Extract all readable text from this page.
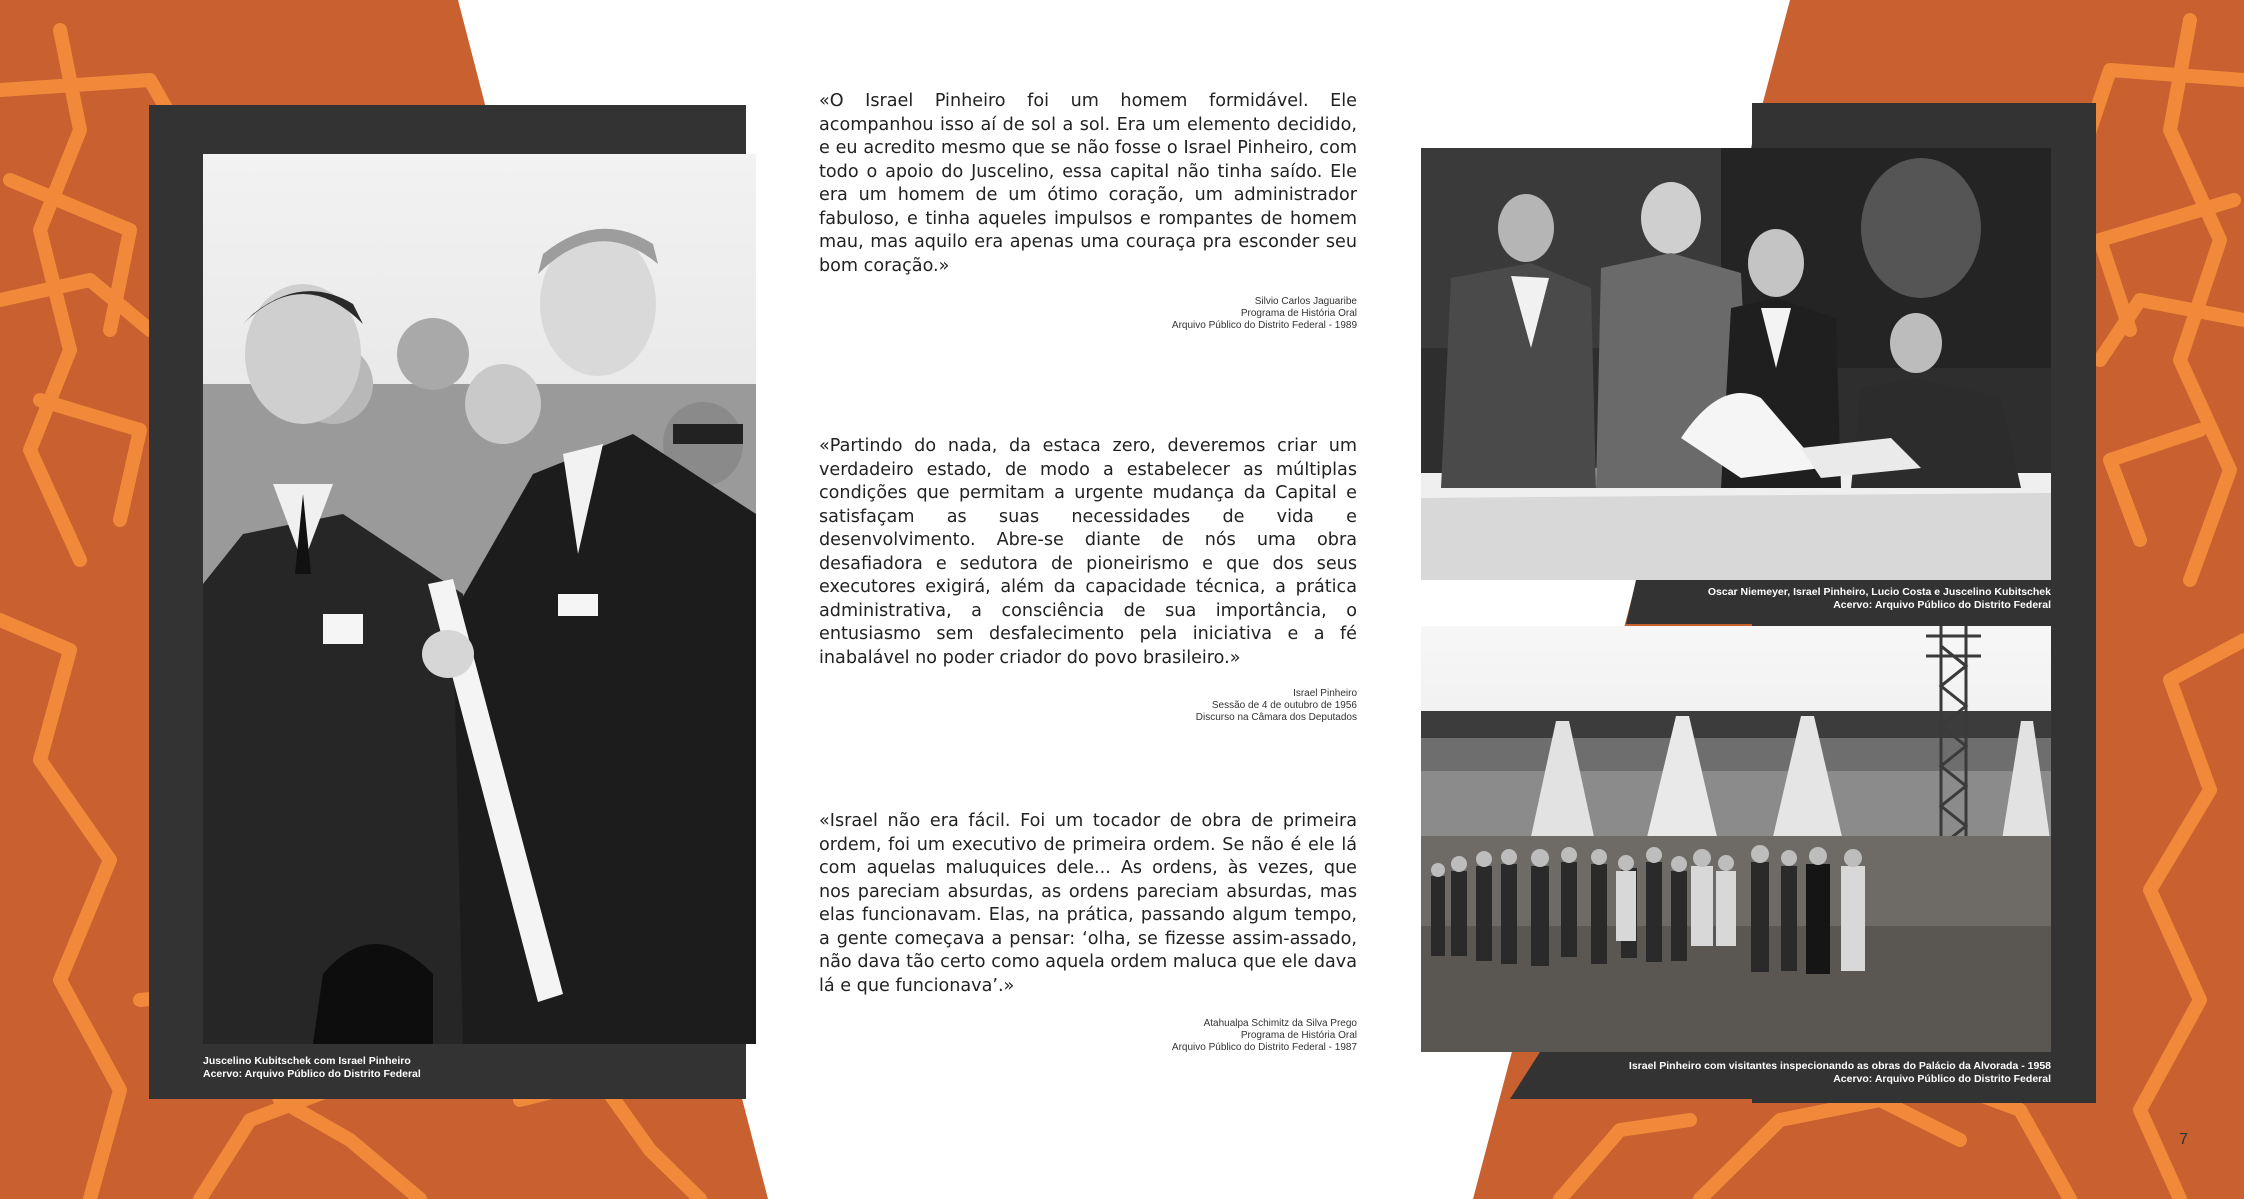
Juscelino Kubitschek com Israel Pinheiro
Acervo: Arquivo Público do Distrito Federal
Oscar Niemeyer, Israel Pinheiro, Lucio Costa e Juscelino Kubitschek
Acervo: Arquivo Público do Distrito Federal
Israel Pinheiro com visitantes inspecionando as obras do Palácio da Alvorada - 1958
Acervo: Arquivo Público do Distrito Federal

«O Israel Pinheiro foi um homem formidável. Ele acompanhou isso aí de sol a sol. Era um elemento decidido, e eu acredito mesmo que se não fosse o Israel Pinheiro, com todo o apoio do Juscelino, essa capital não tinha saído. Ele era um homem de um ótimo coração, um administrador fabuloso, e tinha aqueles impulsos e rompantes de homem mau, mas aquilo era apenas uma couraça pra esconder seu bom coração.»

Silvio Carlos Jaguaribe
Programa de História Oral
Arquivo Público do Distrito Federal - 1989

«Partindo do nada, da estaca zero, deveremos criar um verdadeiro estado, de modo a estabelecer as múltiplas condições que permitam a urgente mudança da Capital e satisfaçam as suas necessidades de vida e desenvolvimento. Abre-se diante de nós uma obra desafiadora e sedutora de pioneirismo e que dos seus executores exigirá, além da capacidade técnica, a prática administrativa, a consciência de sua importância, o entusiasmo sem desfalecimento pela iniciativa e a fé inabalável no poder criador do povo brasileiro.»

Israel Pinheiro
Sessão de 4 de outubro de 1956
Discurso na Câmara dos Deputados

«Israel não era fácil. Foi um tocador de obra de primeira ordem, foi um executivo de primeira ordem. Se não é ele lá com aquelas maluquices dele... As ordens, às vezes, que nos pareciam absurdas, as ordens pareciam absurdas, mas elas funcionavam. Elas, na prática, passando algum tempo, a gente começava a pensar: ‘olha, se fizesse assim-assado, não dava tão certo como aquela ordem maluca que ele dava lá e que funcionava’.»

Atahualpa Schimitz da Silva Prego
Programa de História Oral
Arquivo Público do Distrito Federal - 1987
7
